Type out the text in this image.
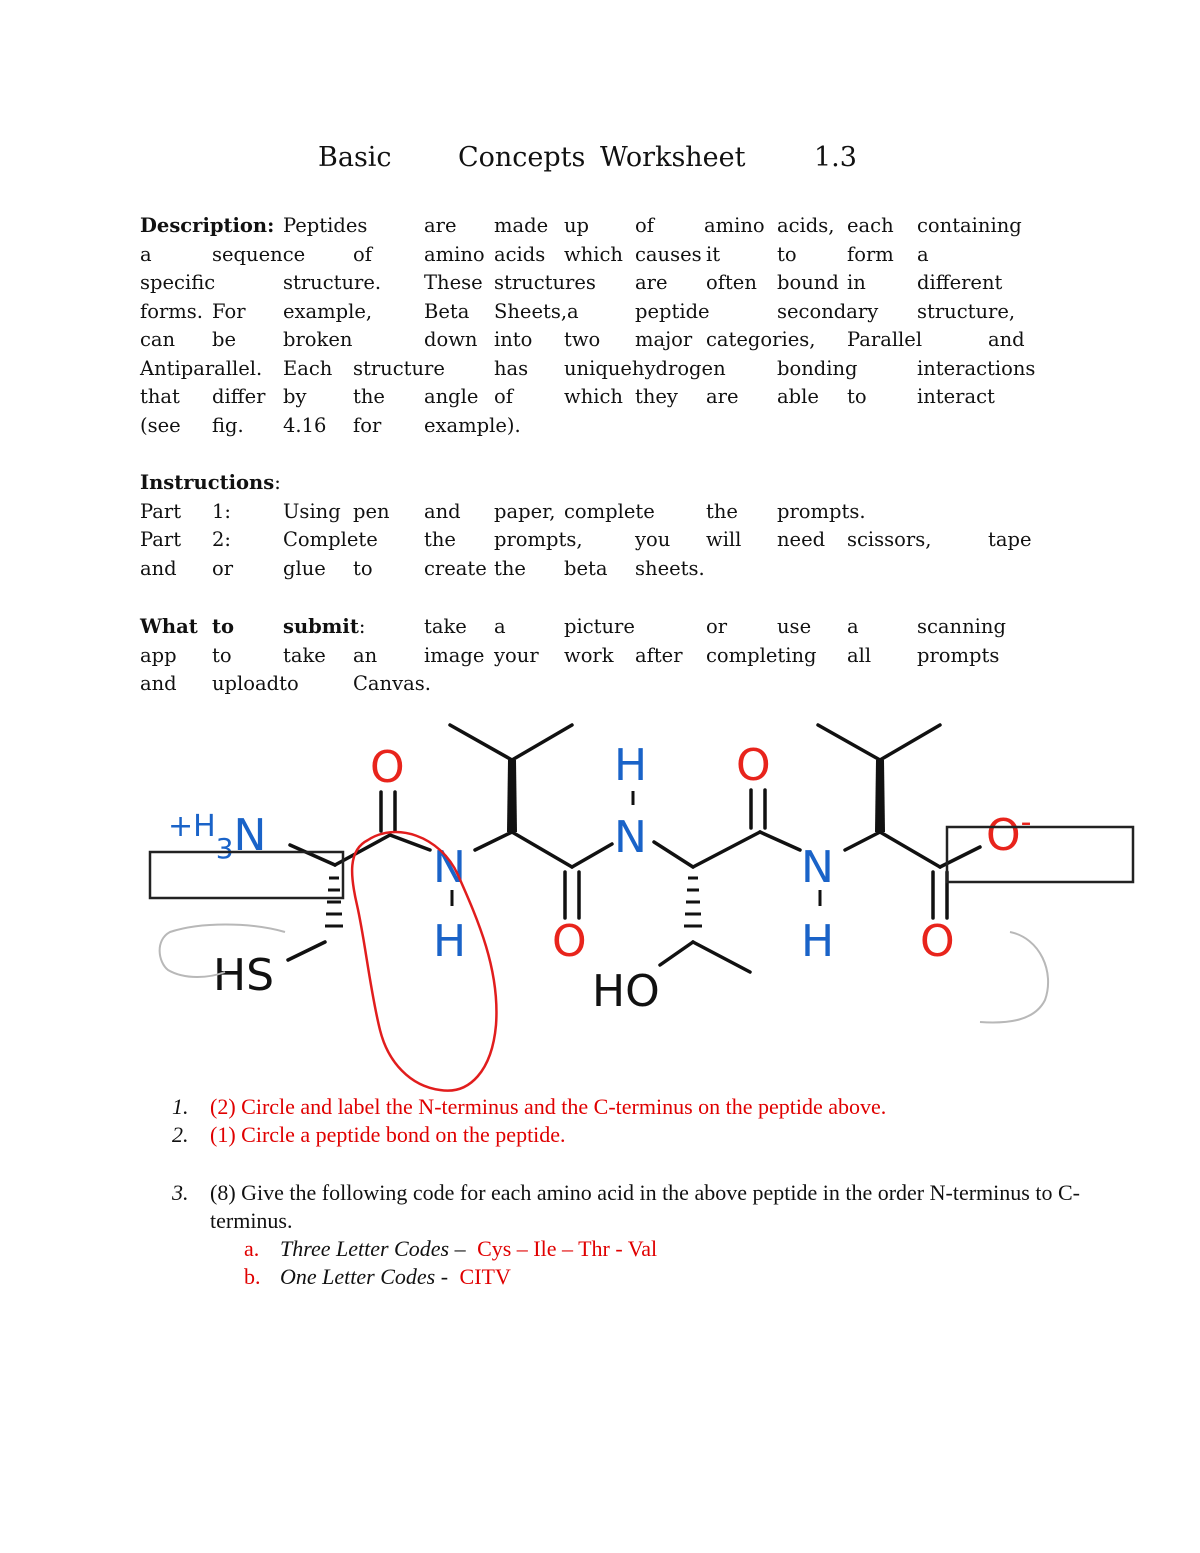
Basic Concepts Worksheet	1.3
Description: Peptides	are made up of	amino acids, each containing
a	sequence of	amino acids which causes it	to	form a
specific	structure. These structures are often bound in	different
forms. For example,	Beta Sheets,a	peptide	secondary structure,
can be broken	down into two major categories, Parallel	and
Antiparallel. Each structure	has uniquehydrogen	bonding	interactions
that differ by the angle of	which they are able to	interact
(see fig. 4.16 for example).
Instructions:
Part 1:	Using pen and paper, complete	the prompts.
Part 2:	Complete the prompts,	you will need scissors,	tape
and or	glue to	create the beta sheets.
What to	submit:	take a	picture	or	use a	scanning
app to	take an image your work after completing all prompts
and uploadto	Canvas.
O
$^{+H}_3$N
HS
N
H O
H
N
O
HO
N
H O
O-
1. (2) Circle and label the N-terminus and the C-terminus on the peptide above.
2. (1) Circle a peptide bond on the peptide.
3. (8) Give the following code for each amino acid in the above peptide in the order N-terminus to C-terminus.
a. Three Letter Codes – Cys – Ile – Thr - Val
b. One Letter Codes - CITV
